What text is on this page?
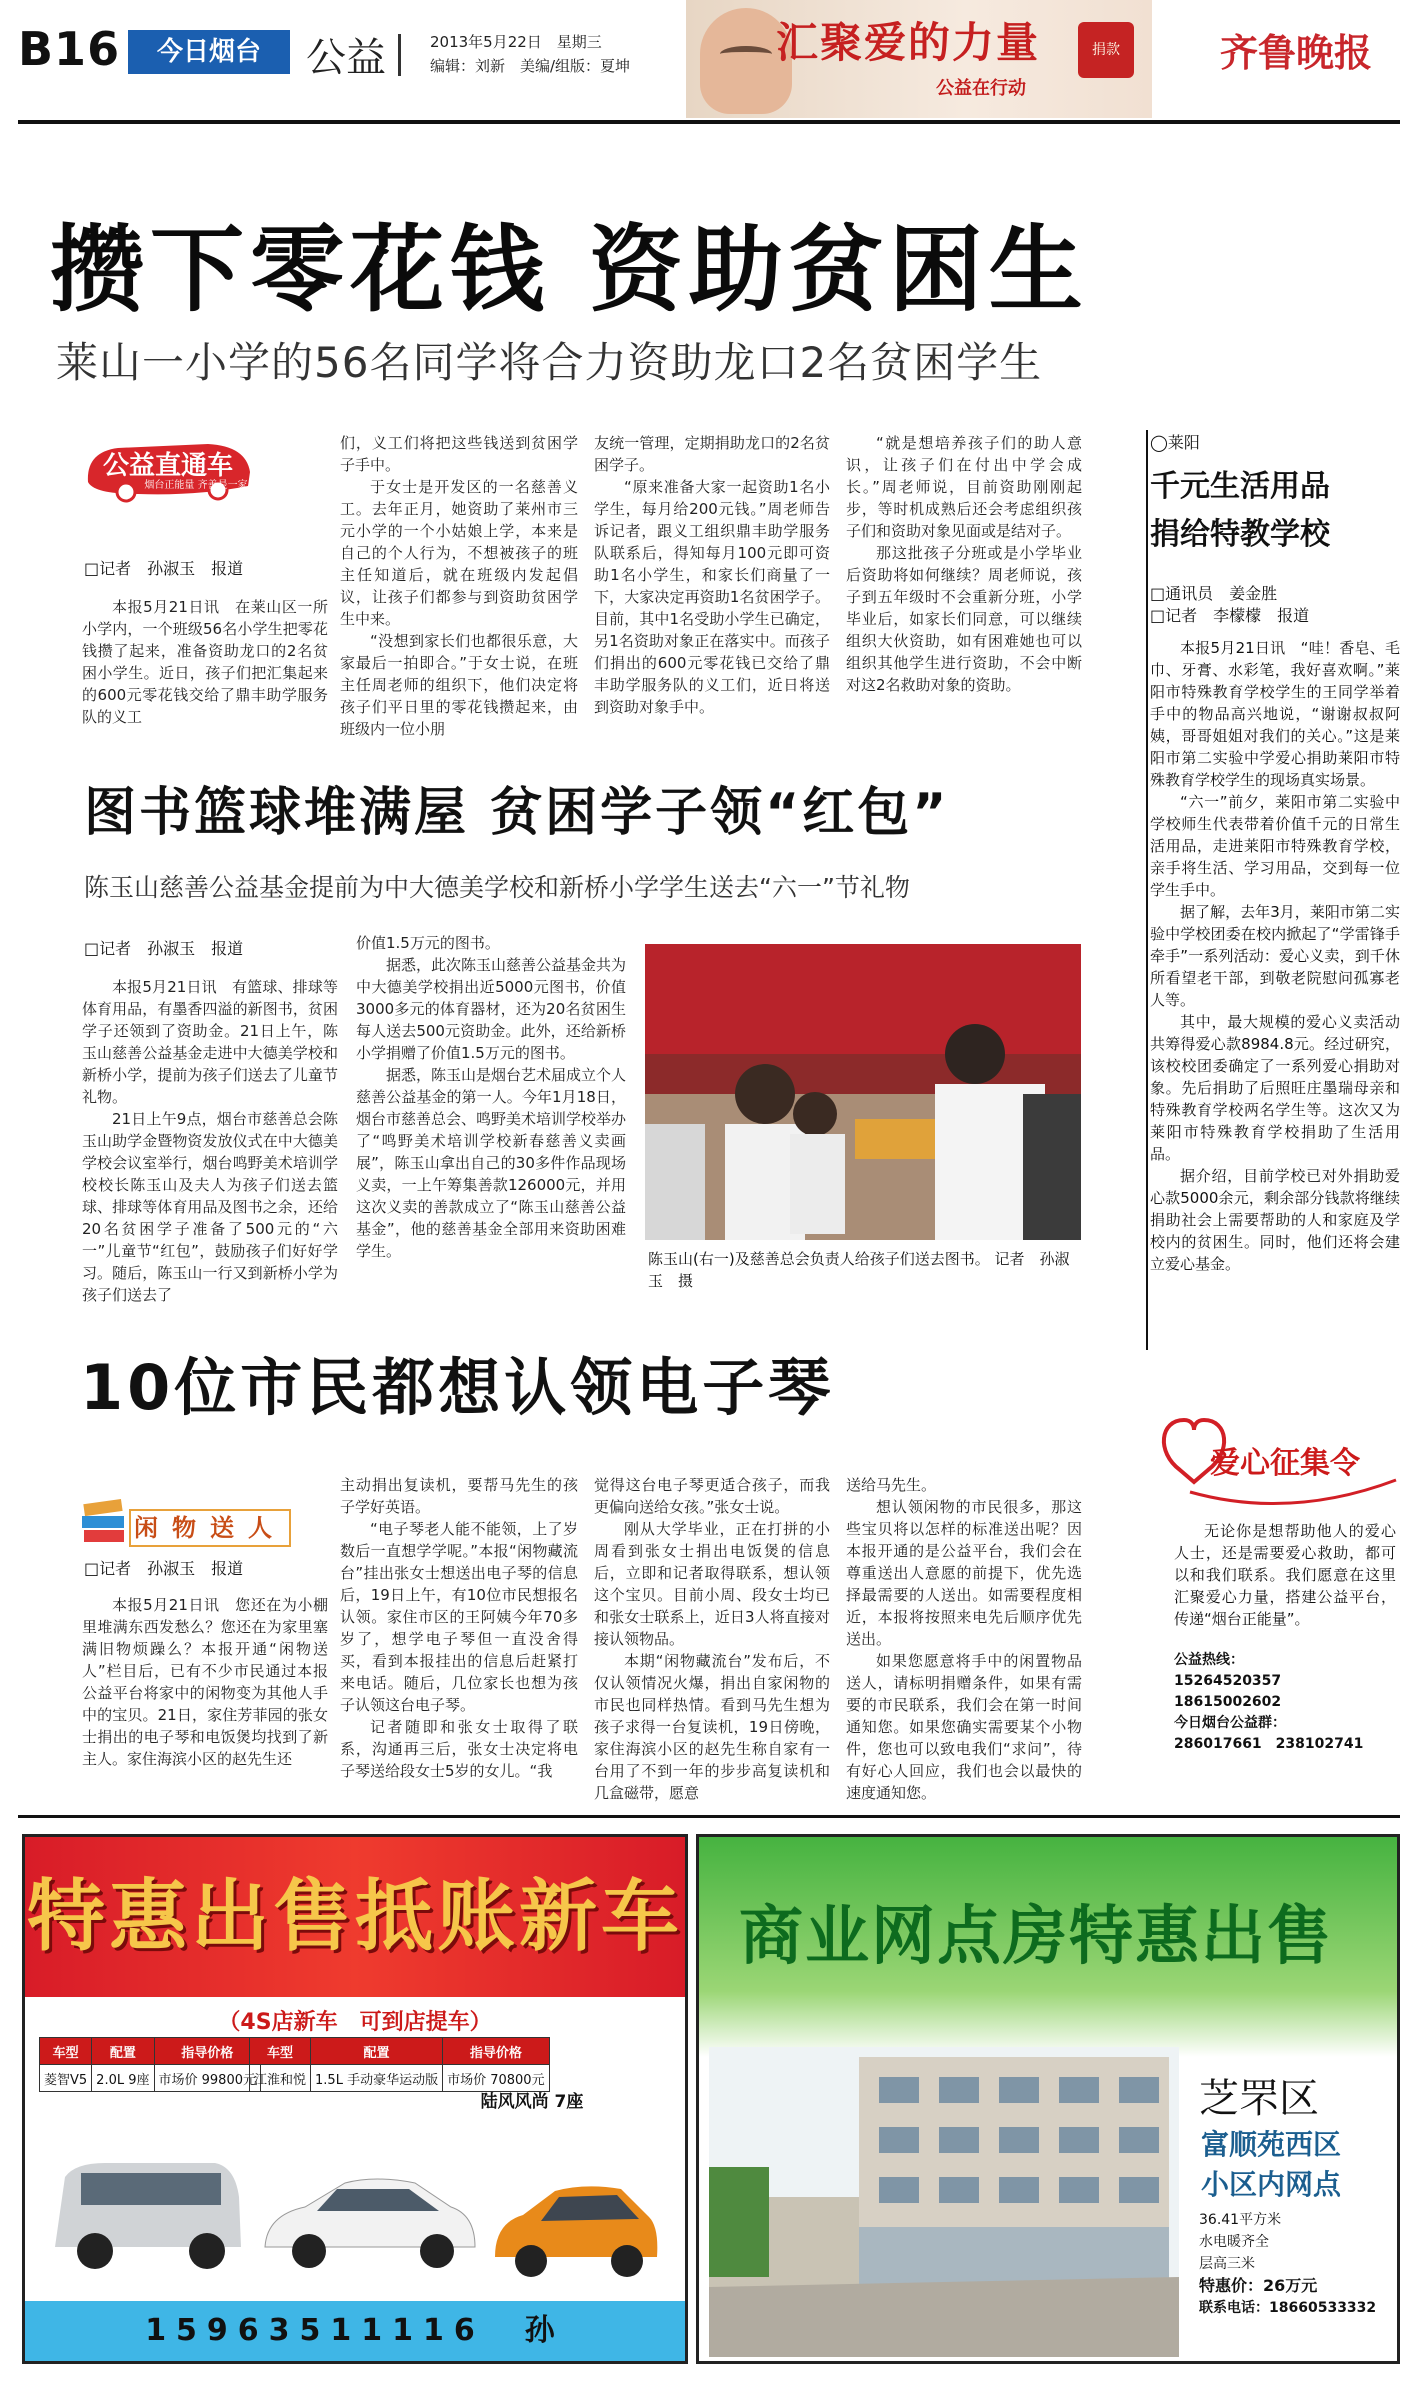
B16	今日烟台	公益	2013年5月22日　星期三
编辑：刘新　美编/组版：夏坤	汇聚爱的力量
公益在行动
捐款	齐鲁晚报
攒下零花钱 资助贫困生
莱山一小学的56名同学将合力资助龙口2名贫困学生
公益直通车
烟台正能量 齐善是一家
□记者　孙淑玉　报道

本报5月21日讯　在莱山区一所小学内，一个班级56名小学生把零花钱攒了起来，准备资助龙口的2名贫困小学生。近日，孩子们把汇集起来的600元零花钱交给了鼎丰助学服务队的义工

们，义工们将把这些钱送到贫困学子手中。

于女士是开发区的一名慈善义工。去年正月，她资助了莱州市三元小学的一个小姑娘上学，本来是自己的个人行为，不想被孩子的班主任知道后，就在班级内发起倡议，让孩子们都参与到资助贫困学生中来。

“没想到家长们也都很乐意，大家最后一拍即合。”于女士说，在班主任周老师的组织下，他们决定将孩子们平日里的零花钱攒起来，由班级内一位小朋

友统一管理，定期捐助龙口的2名贫困学子。

“原来准备大家一起资助1名小学生，每月给200元钱。”周老师告诉记者，跟义工组织鼎丰助学服务队联系后，得知每月100元即可资助1名小学生，和家长们商量了一下，大家决定再资助1名贫困学子。目前，其中1名受助小学生已确定，另1名资助对象正在落实中。而孩子们捐出的600元零花钱已交给了鼎丰助学服务队的义工们，近日将送到资助对象手中。

“就是想培养孩子们的助人意识，让孩子们在付出中学会成长。”周老师说，目前资助刚刚起步，等时机成熟后还会考虑组织孩子们和资助对象见面或是结对子。

那这批孩子分班或是小学毕业后资助将如何继续？周老师说，孩子到五年级时不会重新分班，小学毕业后，如家长们同意，可以继续组织大伙资助，如有困难她也可以组织其他学生进行资助，不会中断对这2名救助对象的资助。

图书篮球堆满屋 贫困学子领“红包”
陈玉山慈善公益基金提前为中大德美学校和新桥小学学生送去“六一”节礼物
□记者　孙淑玉　报道

本报5月21日讯　有篮球、排球等体育用品，有墨香四溢的新图书，贫困学子还领到了资助金。21日上午，陈玉山慈善公益基金走进中大德美学校和新桥小学，提前为孩子们送去了儿童节礼物。

21日上午9点，烟台市慈善总会陈玉山助学金暨物资发放仪式在中大德美学校会议室举行，烟台鸣野美术培训学校校长陈玉山及夫人为孩子们送去篮球、排球等体育用品及图书之余，还给20名贫困学子准备了500元的“六一”儿童节“红包”，鼓励孩子们好好学习。随后，陈玉山一行又到新桥小学为孩子们送去了

价值1.5万元的图书。

据悉，此次陈玉山慈善公益基金共为中大德美学校捐出近5000元图书，价值3000多元的体育器材，还为20名贫困生每人送去500元资助金。此外，还给新桥小学捐赠了价值1.5万元的图书。

据悉，陈玉山是烟台艺术届成立个人慈善公益基金的第一人。今年1月18日，烟台市慈善总会、鸣野美术培训学校举办了“鸣野美术培训学校新春慈善义卖画展”，陈玉山拿出自己的30多件作品现场义卖，一上午筹集善款126000元，并用这次义卖的善款成立了“陈玉山慈善公益基金”，他的慈善基金全部用来资助困难学生。	陈玉山(右一)及慈善总会负责人给孩子们送去图书。 记者　孙淑玉　摄
10位市民都想认领电子琴
闲物送人
□记者　孙淑玉　报道

本报5月21日讯　您还在为小棚里堆满东西发愁么？您还在为家里塞满旧物烦躁么？本报开通“闲物送人”栏目后，已有不少市民通过本报公益平台将家中的闲物变为其他人手中的宝贝。21日，家住芳菲园的张女士捐出的电子琴和电饭煲均找到了新主人。家住海滨小区的赵先生还

主动捐出复读机，要帮马先生的孩子学好英语。

“电子琴老人能不能领，上了岁数后一直想学学呢。”本报“闲物藏流台”挂出张女士想送出电子琴的信息后，19日上午，有10位市民想报名认领。家住市区的王阿姨今年70多岁了，想学电子琴但一直没舍得买，看到本报挂出的信息后赶紧打来电话。随后，几位家长也想为孩子认领这台电子琴。

记者随即和张女士取得了联系，沟通再三后，张女士决定将电子琴送给段女士5岁的女儿。“我

觉得这台电子琴更适合孩子，而我更偏向送给女孩。”张女士说。

刚从大学毕业，正在打拼的小周看到张女士捐出电饭煲的信息后，立即和记者取得联系，想认领这个宝贝。目前小周、段女士均已和张女士联系上，近日3人将直接对接认领物品。

本期“闲物藏流台”发布后，不仅认领情况火爆，捐出自家闲物的市民也同样热情。看到马先生想为孩子求得一台复读机，19日傍晚，家住海滨小区的赵先生称自家有一台用了不到一年的步步高复读机和几盒磁带，愿意

送给马先生。

想认领闲物的市民很多，那这些宝贝将以怎样的标准送出呢？因本报开通的是公益平台，我们会在尊重送出人意愿的前提下，优先选择最需要的人送出。如需要程度相近，本报将按照来电先后顺序优先送出。

如果您愿意将手中的闲置物品送人，请标明捐赠条件，如果有需要的市民联系，我们会在第一时间通知您。如果您确实需要某个小物件，您也可以致电我们“求问”，待有好心人回应，我们也会以最快的速度通知您。

◯莱阳
千元生活用品
捐给特教学校
□通讯员　姜金胜
□记者　李檬檬　报道

本报5月21日讯　“哇！香皂、毛巾、牙膏、水彩笔，我好喜欢啊。”莱阳市特殊教育学校学生的王同学举着手中的物品高兴地说，“谢谢叔叔阿姨，哥哥姐姐对我们的关心。”这是莱阳市第二实验中学爱心捐助莱阳市特殊教育学校学生的现场真实场景。

“六一”前夕，莱阳市第二实验中学校师生代表带着价值千元的日常生活用品，走进莱阳市特殊教育学校，亲手将生活、学习用品，交到每一位学生手中。

据了解，去年3月，莱阳市第二实验中学校团委在校内掀起了“学雷锋手牵手”一系列活动：爱心义卖，到千休所看望老干部，到敬老院慰问孤寡老人等。

其中，最大规模的爱心义卖活动共筹得爱心款8984.8元。经过研究，该校校团委确定了一系列爱心捐助对象。先后捐助了后照旺庄墨瑞母亲和特殊教育学校两名学生等。这次又为莱阳市特殊教育学校捐助了生活用品。

据介绍，目前学校已对外捐助爱心款5000余元，剩余部分钱款将继续捐助社会上需要帮助的人和家庭及学校内的贫困生。同时，他们还将会建立爱心基金。

爱心征集令

无论你是想帮助他人的爱心人士，还是需要爱心救助，都可以和我们联系。我们愿意在这里汇聚爱心力量，搭建公益平台，传递“烟台正能量”。

公益热线：
15264520357　18615002602
今日烟台公益群：
286017661　238102741
特惠出售抵账新车
（4S店新车　可到店提车）
车型	配置	指导价格
菱智V5	2.0L 9座	市场价 99800元
车型	配置	指导价格
江淮和悦	1.5L 手动豪华运动版	市场价 70800元
陆风风尚 7座
15963511116　孙
商业网点房特惠出售
芝罘区
富顺苑西区
小区内网点
36.41平方米
水电暖齐全
层高三米
特惠价：26万元
联系电话：18660533332
